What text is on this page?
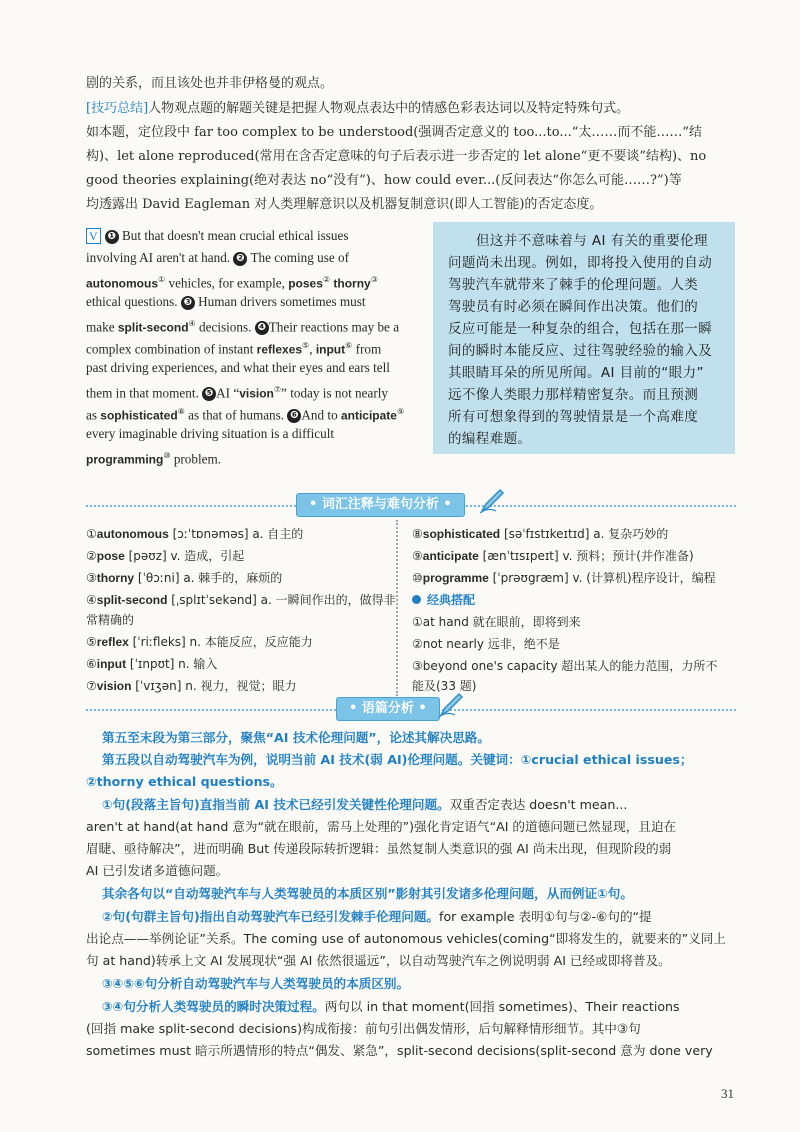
剧的关系，而且该处也并非伊格曼的观点。
[技巧总结]人物观点题的解题关键是把握人物观点表达中的情感色彩表达词以及特定特殊句式。
如本题，定位段中 far too complex to be understood(强调否定意义的 too...to...“太……而不能……”结
构)、let alone reproduced(常用在含否定意味的句子后表示进一步否定的 let alone“更不要谈”结构)、no
good theories explaining(绝对表达 no“没有”)、how could ever...(反问表达“你怎么可能……?”)等
均透露出 David Eagleman 对人类理解意识以及机器复制意识(即人工智能)的否定态度。
V ❶ But that doesn't mean crucial ethical issues
involving AI aren't at hand. ❷ The coming use of
autonomous① vehicles, for example, poses② thorny③
ethical questions. ❸ Human drivers sometimes must
make split-second④ decisions. ❹ Their reactions may be a
complex combination of instant reflexes⑤, input⑥ from
past driving experiences, and what their eyes and ears tell
them in that moment. ❺ AI “vision⑦” today is not nearly
as sophisticated⑧ as that of humans. ❻ And to anticipate⑨
every imaginable driving situation is a difficult
programming⑩ problem.
但这并不意味着与 AI 有关的重要伦理
问题尚未出现。例如，即将投入使用的自动
驾驶汽车就带来了棘手的伦理问题。人类
驾驶员有时必须在瞬间作出决策。他们的
反应可能是一种复杂的组合，包括在那一瞬
间的瞬时本能反应、过往驾驶经验的输入及
其眼睛耳朵的所见所闻。AI 目前的“眼力”
远不像人类眼力那样精密复杂。而且预测
所有可想象得到的驾驶情景是一个高难度
的编程难题。
• 词汇注释与难句分析 •
①autonomous [ɔːˈtɒnəməs] a. 自主的
②pose [pəʊz] v. 造成，引起
③thorny [ˈθɔːni] a. 棘手的，麻烦的
④split-second [ˌsplɪtˈsekənd] a. 一瞬间作出的，做得非
常精确的
⑤reflex [ˈriːfleks] n. 本能反应，反应能力
⑥input [ˈɪnpʊt] n. 输入
⑦vision [ˈvɪʒən] n. 视力，视觉；眼力
⑧sophisticated [səˈfɪstɪkeɪtɪd] a. 复杂巧妙的
⑨anticipate [ænˈtɪsɪpeɪt] v. 预料；预计(并作准备)
⑩programme [ˈprəʊgræm] v. (计算机)程序设计，编程
经典搭配
①at hand 就在眼前，即将到来
②not nearly 远非，绝不是
③beyond one's capacity 超出某人的能力范围，力所不
能及(33 题)
• 语篇分析 •
第五至末段为第三部分，聚焦“AI 技术伦理问题”，论述其解决思路。
第五段以自动驾驶汽车为例，说明当前 AI 技术(弱 AI)伦理问题。关键词：①crucial ethical issues；
②thorny ethical questions。
①句(段落主旨句)直指当前 AI 技术已经引发关键性伦理问题。双重否定表达 doesn't mean...
aren't at hand(at hand 意为“就在眼前，需马上处理的”)强化肯定语气“AI 的道德问题已然显现，且迫在
眉睫、亟待解决”，进而明确 But 传递段际转折逻辑：虽然复制人类意识的强 AI 尚未出现，但现阶段的弱
AI 已引发诸多道德问题。
其余各句以“自动驾驶汽车与人类驾驶员的本质区别”影射其引发诸多伦理问题，从而例证①句。
②句(句群主旨句)指出自动驾驶汽车已经引发棘手伦理问题。for example 表明①句与②-⑥句的“提
出论点——举例论证”关系。The coming use of autonomous vehicles(coming“即将发生的，就要来的”义同上
句 at hand)转承上文 AI 发展现状“强 AI 依然很遥远”，以自动驾驶汽车之例说明弱 AI 已经或即将普及。
③④⑤⑥句分析自动驾驶汽车与人类驾驶员的本质区别。
③④句分析人类驾驶员的瞬时决策过程。两句以 in that moment(回指 sometimes)、Their reactions
(回指 make split-second decisions)构成衔接：前句引出偶发情形，后句解释情形细节。其中③句
sometimes must 暗示所遇情形的特点“偶发、紧急”，split-second decisions(split-second 意为 done very
31
